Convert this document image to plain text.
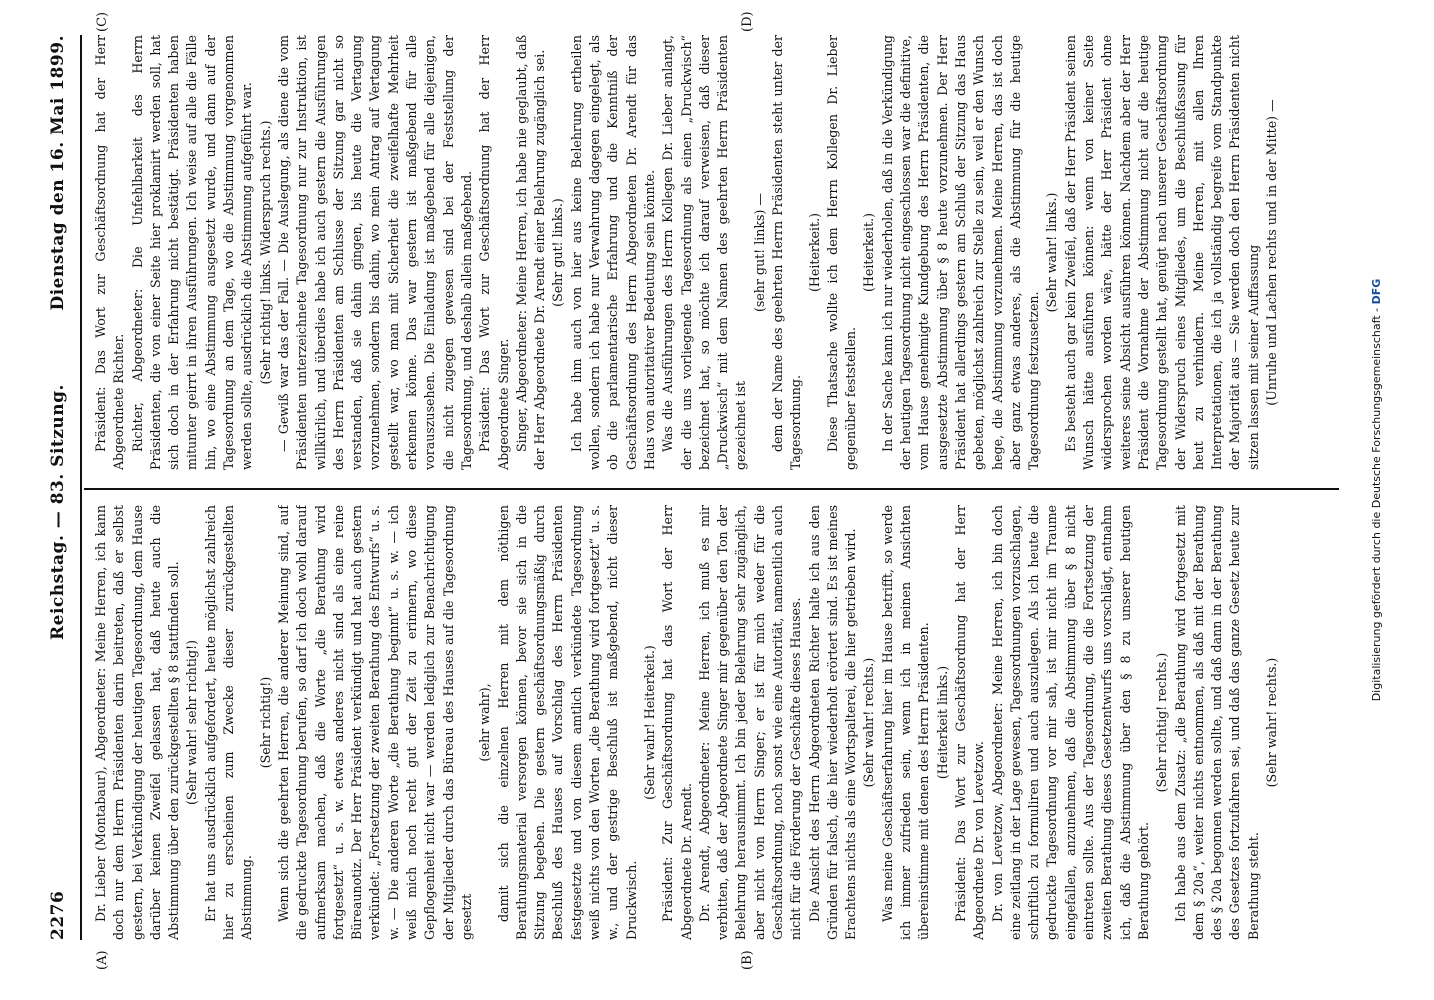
2276
Reichstag. — 83. Sitzung.
Dienstag den 16. Mai 1899.
(A)	(B)
(C)	(D)

Dr. Lieber (Montabaur), Abgeordneter: Meine Herren, ich kann doch nur dem Herrn Präsidenten darin beitreten, daß er selbst gestern, bei Verkündigung der heutigen Tagesordnung, dem Hause darüber keinen Zweifel gelassen hat, daß heute auch die Abstimmung über den zurückgestellten § 8 stattfinden soll. (Sehr wahr! sehr richtig!) Er hat uns ausdrücklich aufgefordert, heute möglichst zahlreich hier zu erscheinen zum Zwecke dieser zurückgestellten Abstimmung.

(Sehr richtig!) Wenn sich die geehrten Herren, die anderer Meinung sind, auf die gedruckte Tagesordnung berufen, so darf ich doch wohl darauf aufmerksam machen, daß die Worte „die Berathung wird fortgesetzt“ u. s. w. etwas anderes nicht sind als eine reine Büreaunotiz. Der Herr Präsident verkündigt und hat auch gestern verkündet: „Fortsetzung der zweiten Berathung des Entwurfs“ u. s. w. — Die anderen Worte „die Berathung beginnt“ u. s. w. — ich weiß mich noch recht gut der Zeit zu erinnern, wo diese Gepflogenheit nicht war — werden lediglich zur Benachrichtigung der Mitglieder durch das Büreau des Hauses auf die Tagesordnung gesetzt

(sehr wahr), damit sich die einzelnen Herren mit dem nöthigen Berathungsmaterial versorgen können, bevor sie sich in die Sitzung begeben. Die gestern geschäftsordnungsmäßig durch Beschluß des Hauses auf Vorschlag des Herrn Präsidenten festgesetzte und von diesem amtlich verkündete Tagesordnung weiß nichts von den Worten „die Berathung wird fortgesetzt“ u. s. w., und der gestrige Beschluß ist maßgebend, nicht dieser Druckwisch.

(Sehr wahr! Heiterkeit.) Präsident: Zur Geschäftsordnung hat das Wort der Herr Abgeordnete Dr. Arendt. Dr. Arendt, Abgeordneter: Meine Herren, ich muß es mir verbitten, daß der Abgeordnete Singer mir gegenüber den Ton der Belehrung herausnimmt. Ich bin jeder Belehrung sehr zugänglich, aber nicht von Herrn Singer; er ist für mich weder für die Geschäftsordnung, noch sonst wie eine Autorität, namentlich auch nicht für die Förderung der Geschäfte dieses Hauses. Die Ansicht des Herrn Abgeordneten Richter halte ich aus den Gründen für falsch, die hier wiederholt erörtert sind. Es ist meines Erachtens nichts als eine Wortspalterei, die hier getrieben wird. (Sehr wahr! rechts.) Was meine Geschäftserfahrung hier im Hause betrifft, so werde ich immer zufrieden sein, wenn ich in meinen Ansichten übereinstimme mit denen des Herrn Präsidenten. (Heiterkeit links.) Präsident: Das Wort zur Geschäftsordnung hat der Herr Abgeordnete Dr. von Levetzow. Dr. von Levetzow, Abgeordneter: Meine Herren, ich bin doch eine zeitlang in der Lage gewesen, Tagesordnungen vorzuschlagen, schriftlich zu formuliren und auch auszulegen. Als ich heute die gedruckte Tagesordnung vor mir sah, ist mir nicht im Traume eingefallen, anzunehmen, daß die Abstimmung über § 8 nicht eintreten sollte. Aus der Tagesordnung, die die Fortsetzung der zweiten Berathung dieses Gesetzentwurfs uns vorschlägt, entnahm ich, daß die Abstimmung über den § 8 zu unserer heutigen Berathung gehört.

(Sehr richtig! rechts.) Ich habe aus dem Zusatz: „die Berathung wird fortgesetzt mit dem § 20a“, weiter nichts entnommen, als daß mit der Berathung des § 20a begonnen werden sollte, und daß dann in der Berathung des Gesetzes fortzufahren sei, und daß das ganze Gesetz heute zur Berathung steht.

(Sehr wahr! rechts.)

Präsident: Das Wort zur Geschäftsordnung hat der Herr Abgeordnete Richter. Richter, Abgeordneter: Die Unfehlbarkeit des Herrn Präsidenten, die von einer Seite hier proklamirt werden soll, hat sich doch in der Erfahrung nicht bestätigt. Präsidenten haben mitunter geirrt in ihren Ausführungen. Ich weise auf alle die Fälle hin, wo eine Abstimmung ausgesetzt wurde, und dann auf der Tagesordnung an dem Tage, wo die Abstimmung vorgenommen werden sollte, ausdrücklich die Abstimmung aufgeführt war. (Sehr richtig! links. Widerspruch rechts.) — Gewiß war das der Fall. — Die Auslegung, als diene die vom Präsidenten unterzeichnete Tagesordnung nur zur Instruktion, ist willkürlich, und überdies habe ich auch gestern die Ausführungen des Herrn Präsidenten am Schlusse der Sitzung gar nicht so verstanden, daß sie dahin gingen, bis heute die Vertagung vorzunehmen, sondern bis dahin, wo mein Antrag auf Vertagung gestellt war, wo man mit Sicherheit die zweifelhafte Mehrheit erkennen könne. Das war gestern ist maßgebend für alle vorauszusehen. Die Einladung ist maßgebend für alle diejenigen, die nicht zugegen gewesen sind bei der Feststellung der Tagesordnung, und deshalb allein maßgebend. Präsident: Das Wort zur Geschäftsordnung hat der Herr Abgeordnete Singer. Singer, Abgeordneter: Meine Herren, ich habe nie geglaubt, daß der Herr Abgeordnete Dr. Arendt einer Belehrung zugänglich sei. (Sehr gut! links.) Ich habe ihm auch von hier aus keine Belehrung ertheilen wollen, sondern ich habe nur Verwahrung dagegen eingelegt, als ob die parlamentarische Erfahrung und die Kenntniß der Geschäftsordnung des Herrn Abgeordneten Dr. Arendt für das Haus von autoritativer Bedeutung sein könnte. Was die Ausführungen des Herrn Kollegen Dr. Lieber anlangt, der die uns vorliegende Tagesordnung als einen „Druckwisch“ bezeichnet hat, so möchte ich darauf verweisen, daß dieser „Druckwisch“ mit dem Namen des geehrten Herrn Präsidenten gezeichnet ist

(sehr gut! links) — dem der Name des geehrten Herrn Präsidenten steht unter der Tagesordnung.

(Heiterkeit.) Diese Thatsache wollte ich dem Herrn Kollegen Dr. Lieber gegenüber feststellen.

(Heiterkeit.) In der Sache kann ich nur wiederholen, daß in die Verkündigung der heutigen Tagesordnung nicht eingeschlossen war die definitive, vom Hause genehmigte Kundgebung des Herrn Präsidenten, die ausgesetzte Abstimmung über § 8 heute vorzunehmen. Der Herr Präsident hat allerdings gestern am Schluß der Sitzung das Haus gebeten, möglichst zahlreich zur Stelle zu sein, weil er den Wunsch hege, die Abstimmung vorzunehmen. Meine Herren, das ist doch aber ganz etwas anderes, als die Abstimmung für die heutige Tagesordnung festzusetzen.

(Sehr wahr! links.) Es besteht auch gar kein Zweifel, daß der Herr Präsident seinen Wunsch hätte ausführen können: wenn von keiner Seite widersprochen worden wäre, hätte der Herr Präsident ohne weiteres seine Absicht ausführen können. Nachdem aber der Herr Präsident die Vornahme der Abstimmung nicht auf die heutige Tagesordnung gestellt hat, genügt nach unserer Geschäftsordnung der Widerspruch eines Mitgliedes, um die Beschlußfassung für heut zu verhindern. Meine Herren, mit allen Ihren Interpretationen, die ich ja vollständig begreife vom Standpunkte der Majorität aus — Sie werden doch den Herrn Präsidenten nicht sitzen lassen mit seiner Auffassung (Unruhe und Lachen rechts und in der Mitte) —

Digitalisierung gefördert durch die Deutsche Forschungsgemeinschaft - DFG
